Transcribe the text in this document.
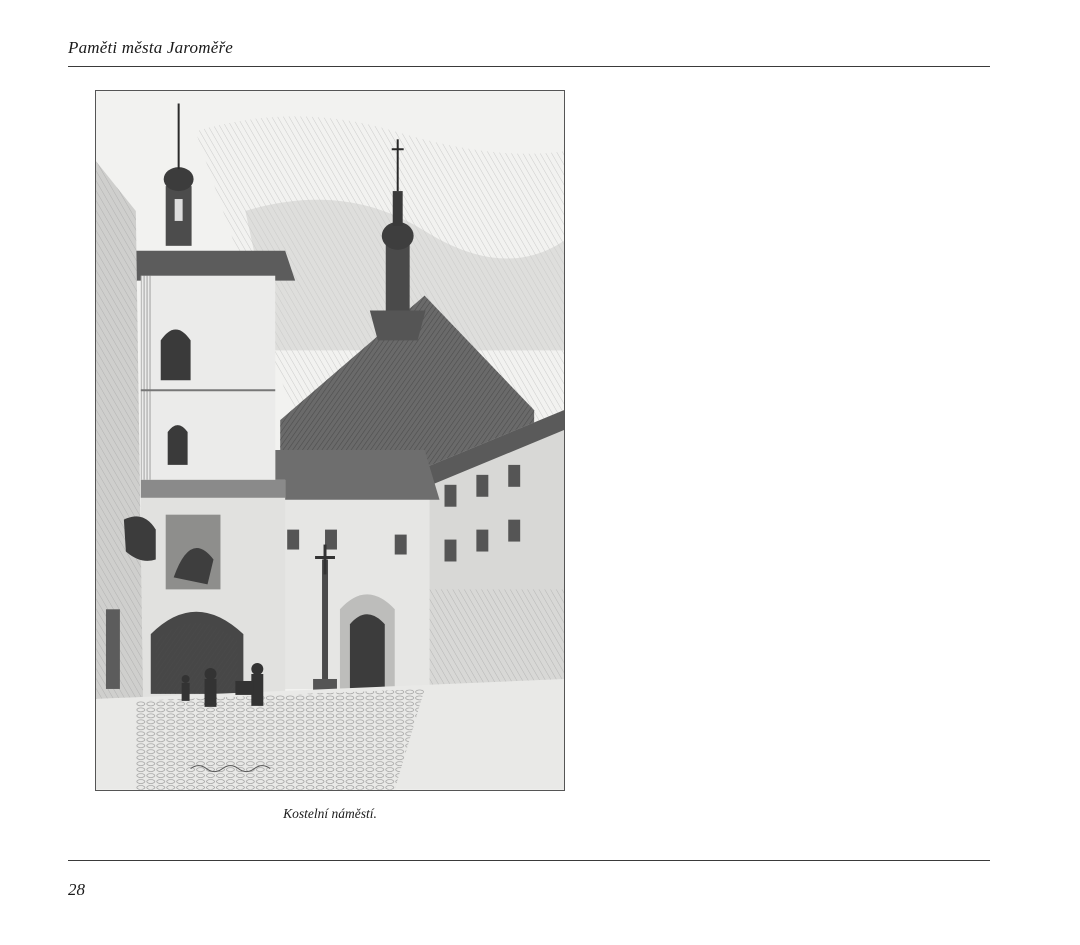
Paměti města Jaroměře
Kostelní náměstí.
28
